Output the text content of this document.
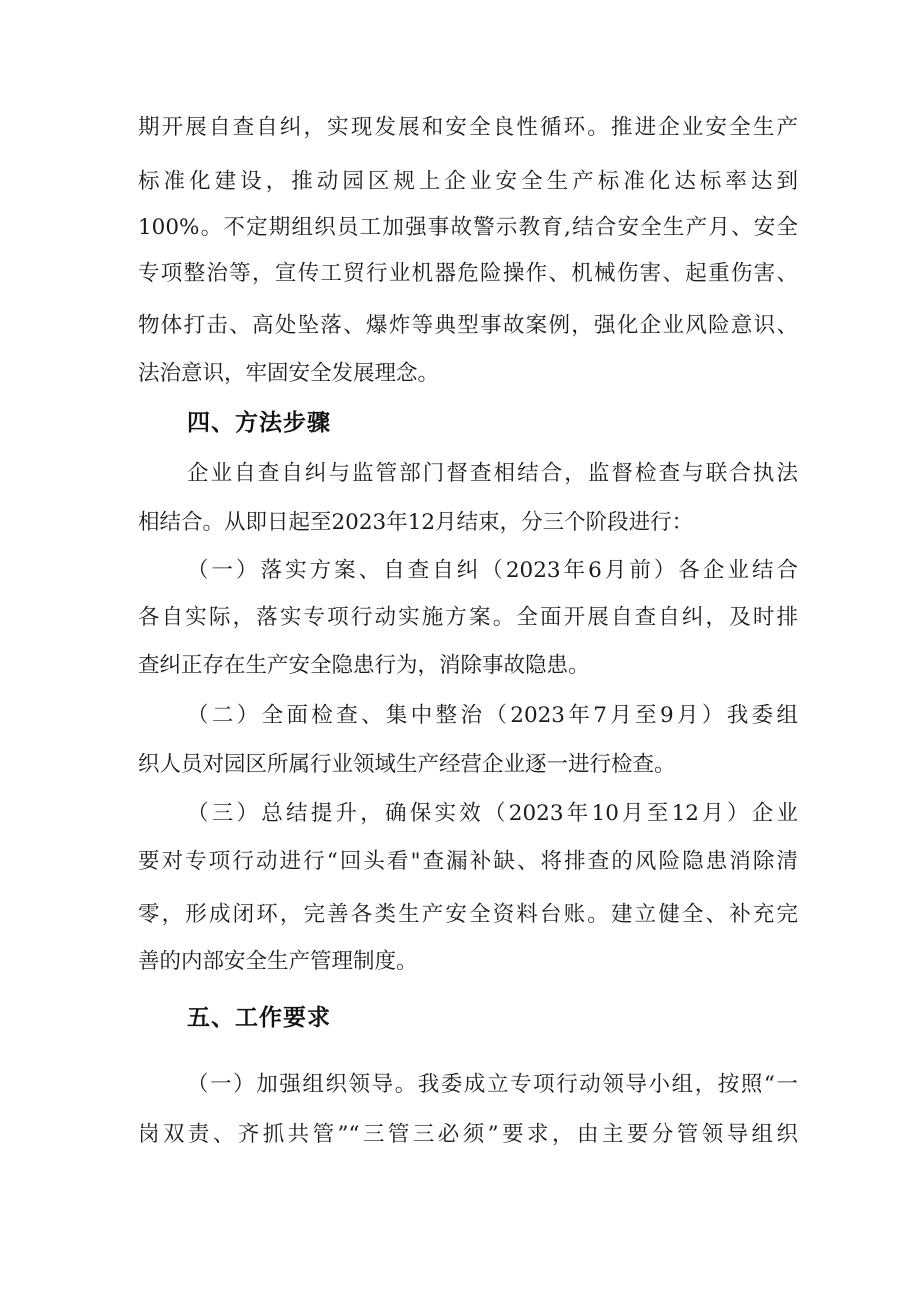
期开展自查自纠，实现发展和安全良性循环。推进企业安全生产
标准化建设，推动园区规上企业安全生产标准化达标率达到
100%。不定期组织员工加强事故警示教育,结合安全生产月、安全
专项整治等，宣传工贸行业机器危险操作、机械伤害、起重伤害、
物体打击、高处坠落、爆炸等典型事故案例，强化企业风险意识、
法治意识，牢固安全发展理念。
四、方法步骤
企业自查自纠与监管部门督查相结合，监督检查与联合执法
相结合。从即日起至2023年12月结束，分三个阶段进行：
（一）落实方案、自查自纠（2023年6月前）各企业结合
各自实际，落实专项行动实施方案。全面开展自查自纠，及时排
查纠正存在生产安全隐患行为，消除事故隐患。
（二）全面检查、集中整治（2023年7月至9月）我委组
织人员对园区所属行业领域生产经营企业逐一进行检查。
（三）总结提升，确保实效（2023年10月至12月）企业
要对专项行动进行“回头看"查漏补缺、将排查的风险隐患消除清
零，形成闭环，完善各类生产安全资料台账。建立健全、补充完
善的内部安全生产管理制度。
五、工作要求
（一）加强组织领导。我委成立专项行动领导小组，按照“一
岗双责、齐抓共管”“三管三必须”要求，由主要分管领导组织
